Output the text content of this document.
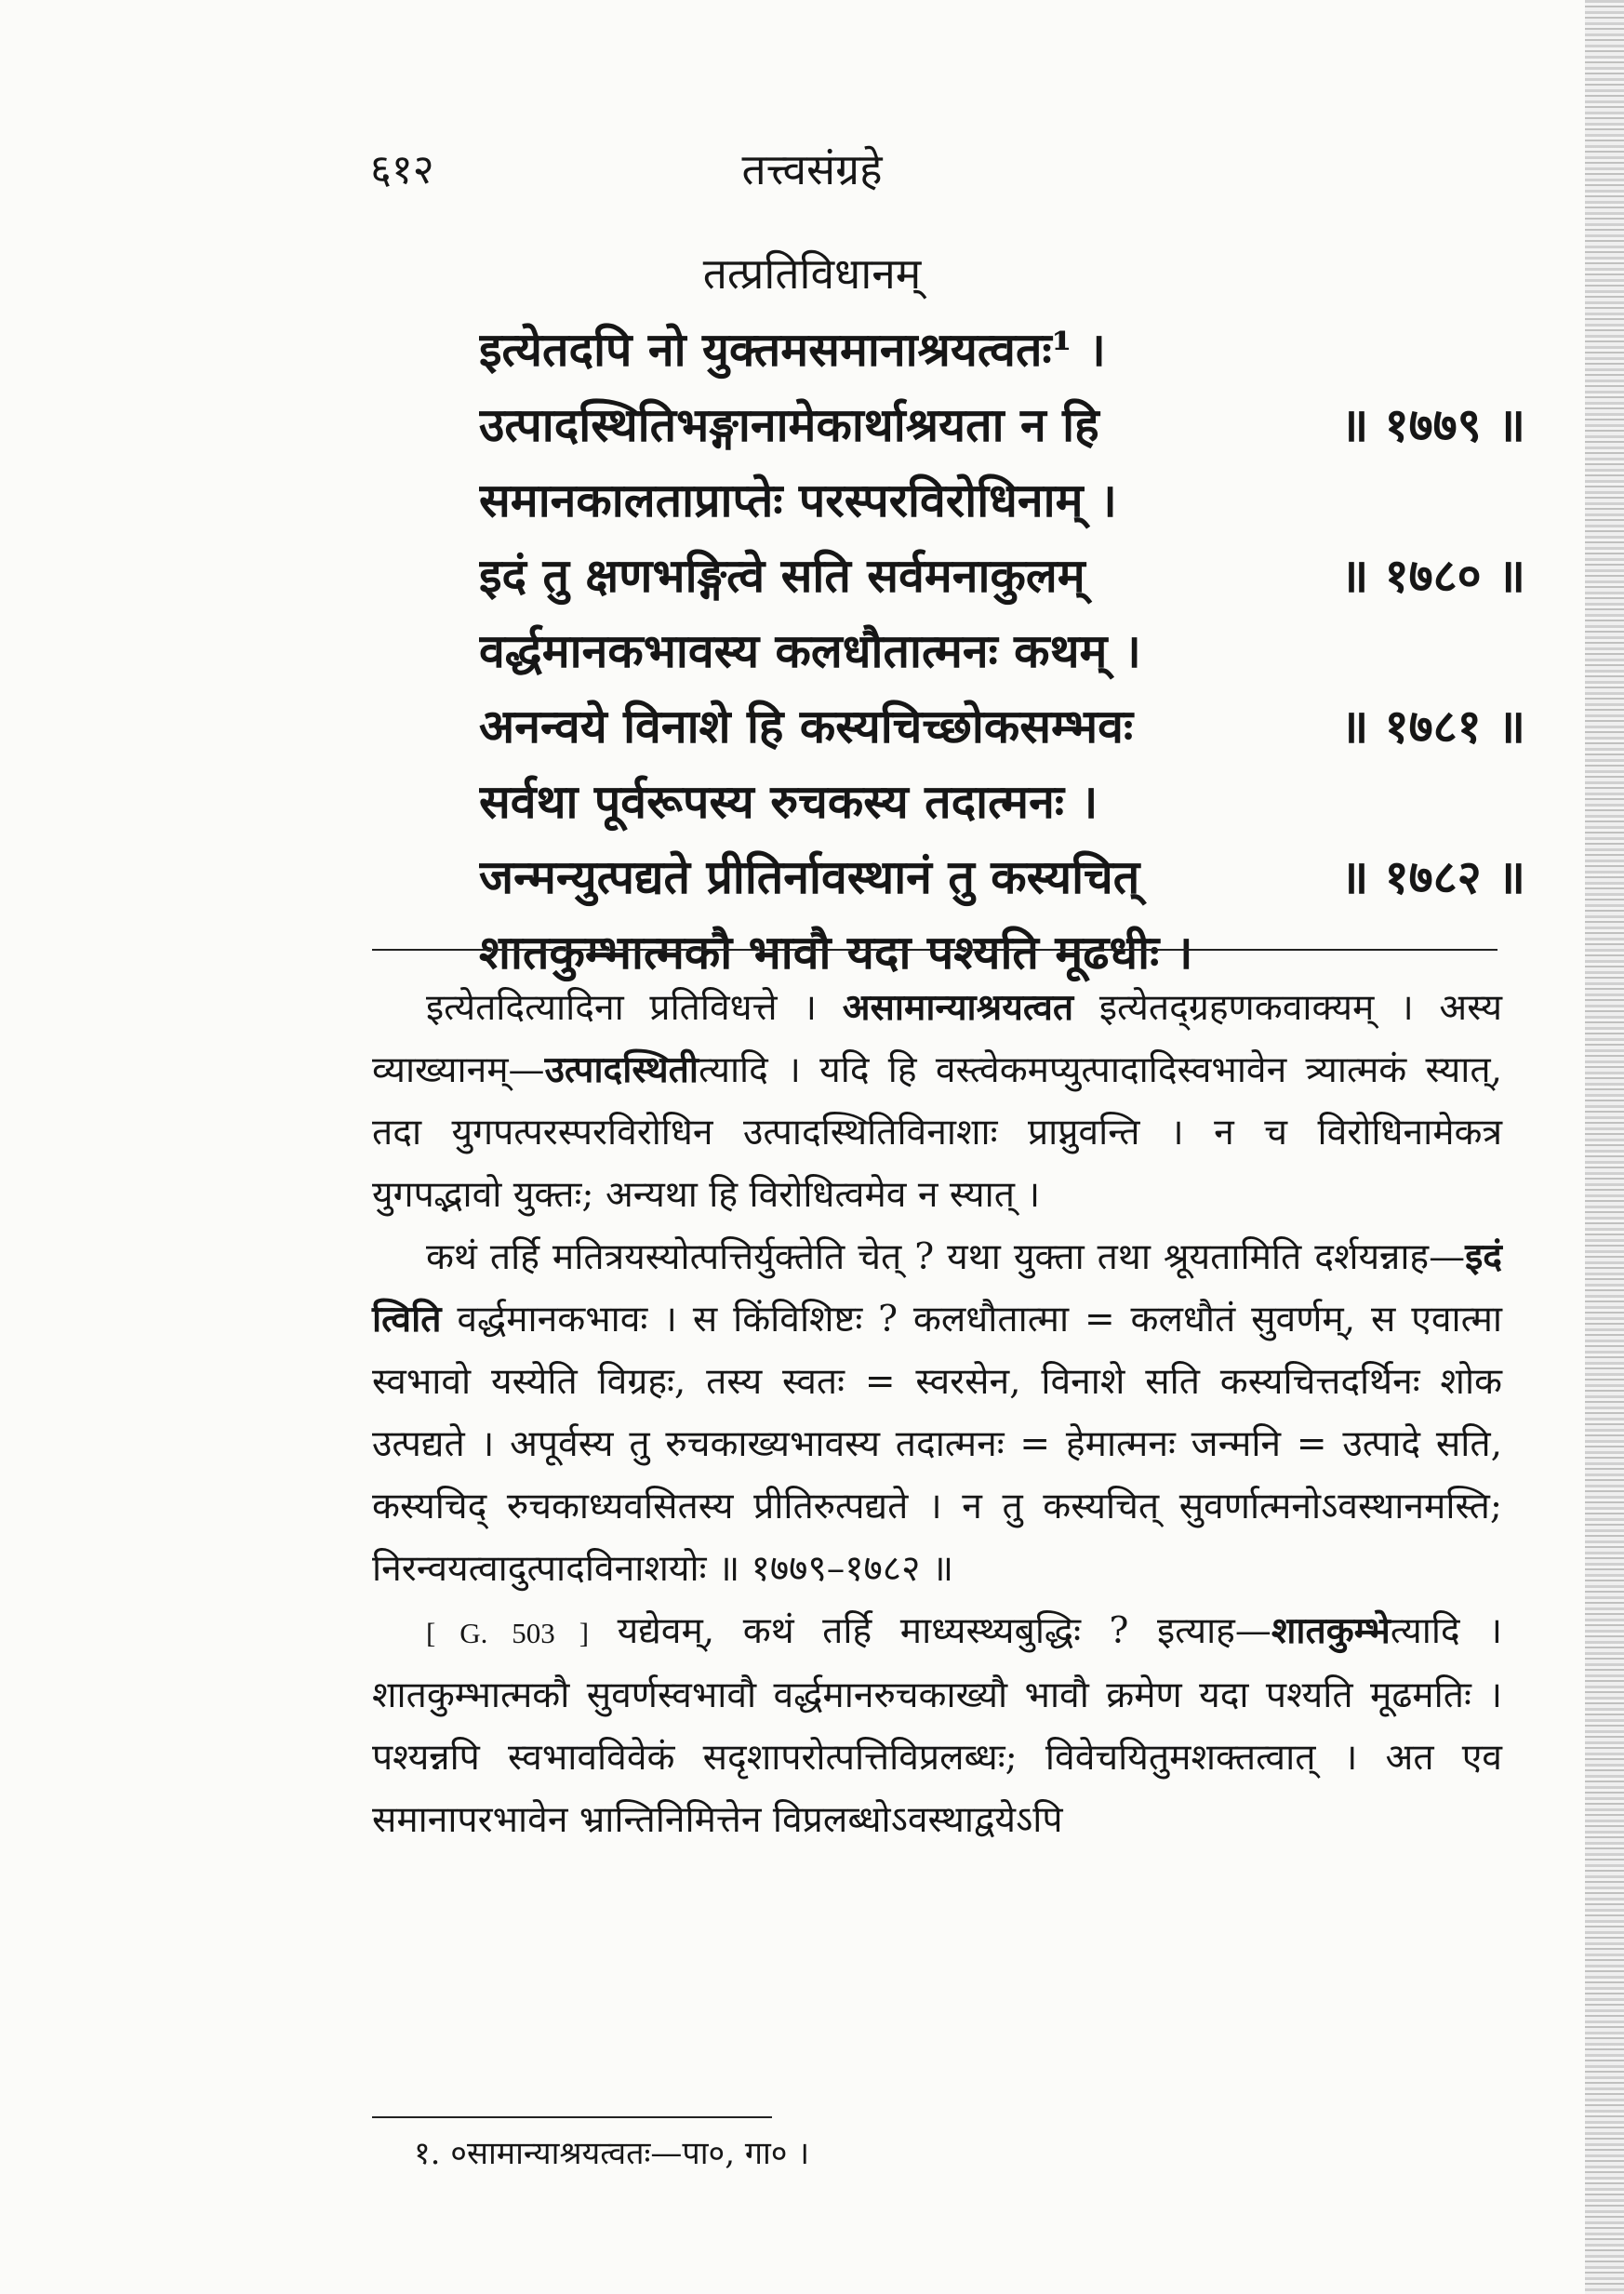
६१२	तत्त्वसंग्रहे
तत्प्रतिविधानम्
इत्येतदपि नो युक्तमसमानाश्रयत्वतः¹ ।
॥ १७७९ ॥
उत्पादस्थितिभङ्गानामेकार्थाश्रयता न हि
समानकालताप्राप्तेः परस्परविरोधिनाम् ।
॥ १७८० ॥
इदं तु क्षणभङ्गित्वे सति सर्वमनाकुलम्
वर्द्धमानकभावस्य कलधौतात्मनः कथम् ।
॥ १७८१ ॥
अनन्वये विनाशे हि कस्यचिच्छोकसम्भवः
सर्वथा पूर्वरूपस्य रुचकस्य तदात्मनः ।
॥ १७८२ ॥
जन्मन्युत्पद्यते प्रीतिर्नावस्थानं तु कस्यचित्
शातकुम्भात्मकौ भावौ यदा पश्यति मूढधीः ।

इत्येतदित्यादिना प्रतिविधत्ते । असामान्याश्रयत्वत इत्येतद्ग्रहणकवाक्यम् । अस्य व्याख्यानम्—उत्पादस्थितीत्यादि । यदि हि वस्त्वेकमप्युत्पादादिस्वभावेन त्र्यात्मकं स्यात्, तदा युगपत्परस्परविरोधिन उत्पादस्थितिविनाशाः प्राप्नुवन्ति । न च विरोधिनामेकत्र युगपद्भावो युक्तः; अन्यथा हि विरोधित्वमेव न स्यात् ।

कथं तर्हि मतित्रयस्योत्पत्तिर्युक्तेति चेत् ? यथा युक्ता तथा श्रूयतामिति दर्शयन्नाह—इदं त्विति वर्द्धमानकभावः । स किंविशिष्टः ? कलधौतात्मा = कलधौतं सुवर्णम्, स एवात्मा स्वभावो यस्येति विग्रहः, तस्य स्वतः = स्वरसेन, विनाशे सति कस्यचित्तदर्थिनः शोक उत्पद्यते । अपूर्वस्य तु रुचकाख्यभावस्य तदात्मनः = हेमात्मनः जन्मनि = उत्पादे सति, कस्यचिद् रुचकाध्यवसितस्य प्रीतिरुत्पद्यते । न तु कस्यचित् सुवर्णात्मनोऽवस्थानमस्ति; निरन्वयत्वादुत्पादविनाशयोः ॥ १७७९–१७८२ ॥

[ G. 503 ] यद्येवम्, कथं तर्हि माध्यस्थ्यबुद्धिः ? इत्याह—शातकुम्भेत्यादि । शातकुम्भात्मकौ सुवर्णस्वभावौ वर्द्धमानरुचकाख्यौ भावौ क्रमेण यदा पश्यति मूढमतिः । पश्यन्नपि स्वभावविवेकं सदृशापरोत्पत्तिविप्रलब्धः; विवेचयितुमशक्तत्वात् । अत एव समानापरभावेन भ्रान्तिनिमित्तेन विप्रलब्धोऽवस्थाद्वयेऽपि

१. ०सामान्याश्रयत्वतः—पा०, गा० ।
